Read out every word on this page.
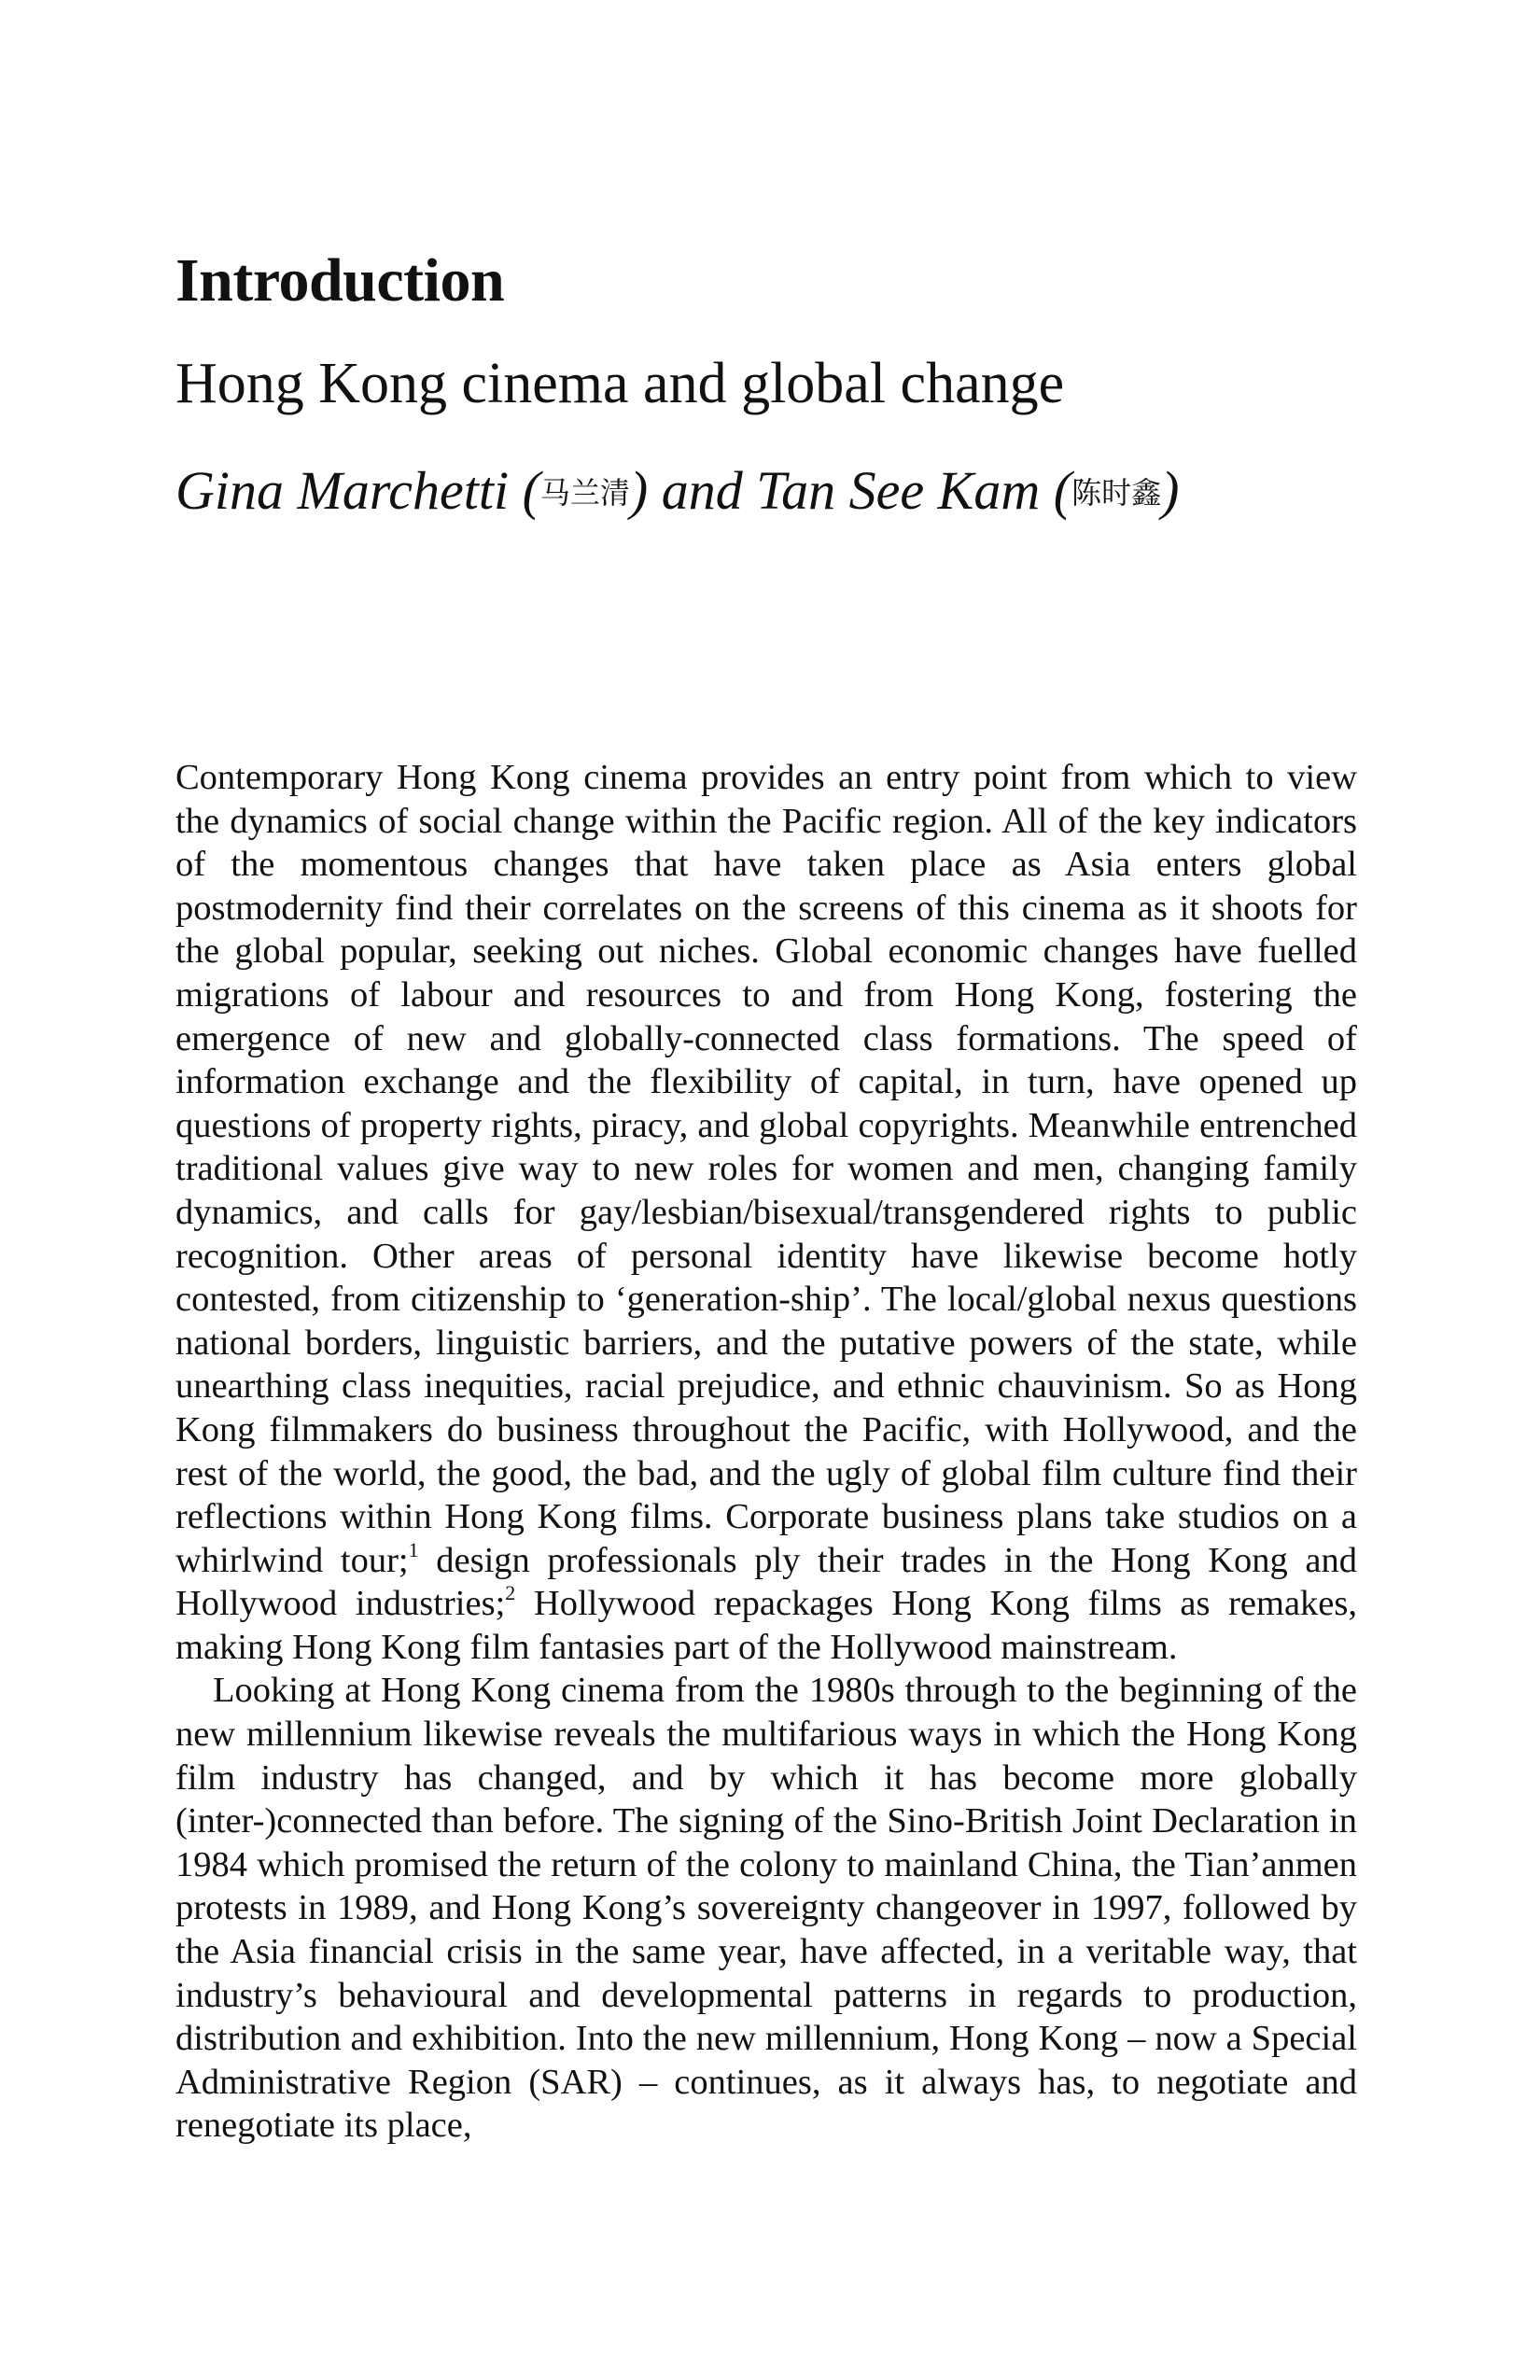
Introduction
Hong Kong cinema and global change
Gina Marchetti (马兰清) and Tan See Kam (陈时鑫)

Contemporary Hong Kong cinema provides an entry point from which to view the dynamics of social change within the Pacific region. All of the key indicators of the momentous changes that have taken place as Asia enters global postmodernity find their correlates on the screens of this cinema as it shoots for the global popular, seeking out niches. Global economic changes have fuelled migrations of labour and resources to and from Hong Kong, fostering the emergence of new and globally-connected class formations. The speed of information exchange and the flexibility of capital, in turn, have opened up questions of property rights, piracy, and global copyrights. Meanwhile entrenched traditional values give way to new roles for women and men, changing family dynamics, and calls for gay/lesbian/bisexual/transgendered rights to public recognition. Other areas of personal identity have likewise become hotly contested, from citizenship to ‘generation-ship’. The local/global nexus questions national borders, linguistic barriers, and the putative powers of the state, while unearthing class inequities, racial prejudice, and ethnic chauvinism. So as Hong Kong filmmakers do business throughout the Pacific, with Hollywood, and the rest of the world, the good, the bad, and the ugly of global film culture find their reflections within Hong Kong films. Corporate business plans take studios on a whirlwind tour;$^1$ design professionals ply their trades in the Hong Kong and Hollywood industries;$^2$ Hollywood repackages Hong Kong films as remakes, making Hong Kong film fantasies part of the Hollywood mainstream.

Looking at Hong Kong cinema from the 1980s through to the beginning of the new millennium likewise reveals the multifarious ways in which the Hong Kong film industry has changed, and by which it has become more globally (inter-)connected than before. The signing of the Sino-British Joint Declaration in 1984 which promised the return of the colony to mainland China, the Tian’anmen protests in 1989, and Hong Kong’s sovereignty changeover in 1997, followed by the Asia financial crisis in the same year, have affected, in a veritable way, that industry’s behavioural and developmental patterns in regards to production, distribution and exhibition. Into the new millennium, Hong Kong – now a Special Administrative Region (SAR) – continues, as it always has, to negotiate and renegotiate its place,
